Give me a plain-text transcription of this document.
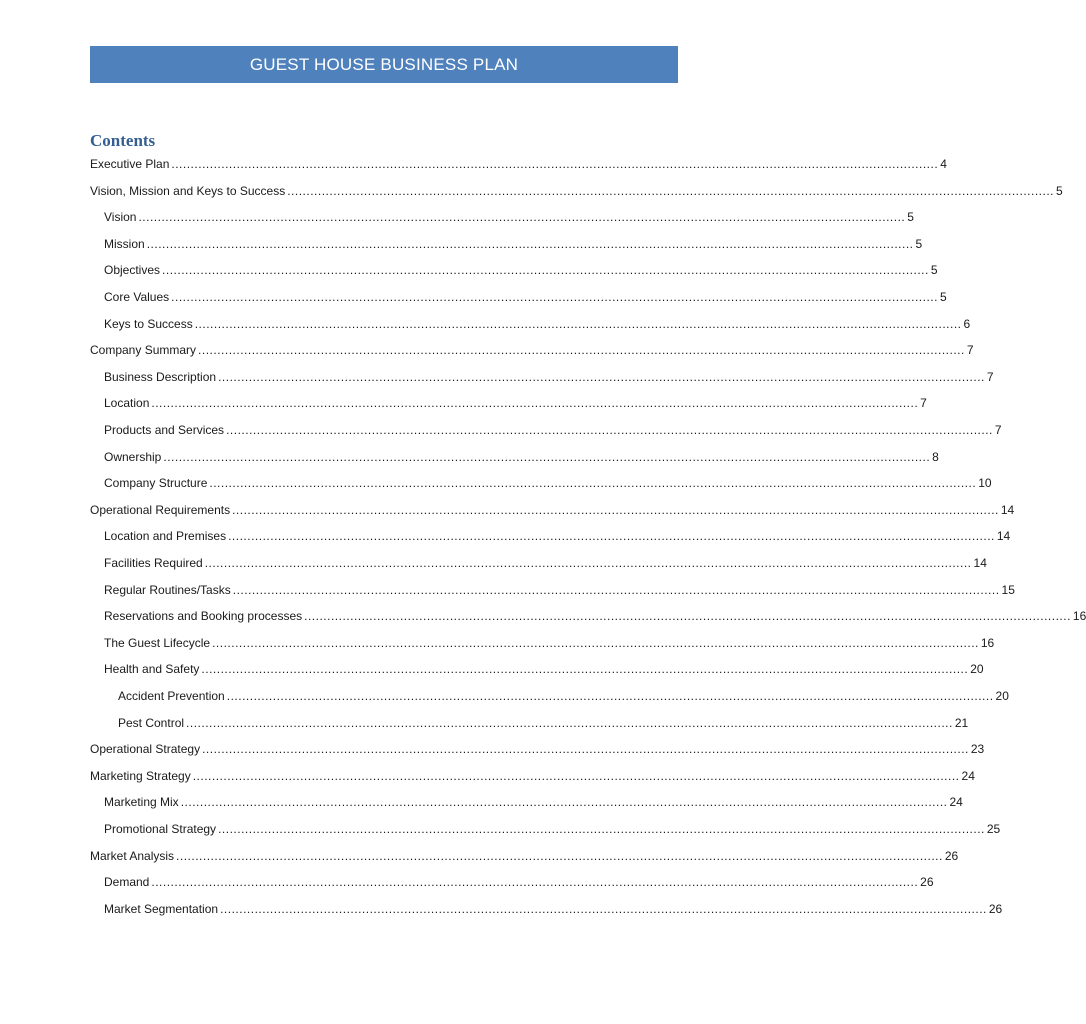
GUEST HOUSE BUSINESS PLAN
Contents
Executive Plan ........................................................................................................................................................................................................ 4
Vision, Mission and Keys to Success ........................................................................................................................................................................................................ 5
Vision ........................................................................................................................................................................................................ 5
Mission ........................................................................................................................................................................................................ 5
Objectives ........................................................................................................................................................................................................ 5
Core Values ........................................................................................................................................................................................................ 5
Keys to Success ........................................................................................................................................................................................................ 6
Company Summary ........................................................................................................................................................................................................ 7
Business Description ........................................................................................................................................................................................................ 7
Location ........................................................................................................................................................................................................ 7
Products and Services ........................................................................................................................................................................................................ 7
Ownership ........................................................................................................................................................................................................ 8
Company Structure ........................................................................................................................................................................................................ 10
Operational Requirements ........................................................................................................................................................................................................ 14
Location and Premises ........................................................................................................................................................................................................ 14
Facilities Required ........................................................................................................................................................................................................ 14
Regular Routines/Tasks ........................................................................................................................................................................................................ 15
Reservations and Booking processes ........................................................................................................................................................................................................ 16
The Guest Lifecycle ........................................................................................................................................................................................................ 16
Health and Safety ........................................................................................................................................................................................................ 20
Accident Prevention ........................................................................................................................................................................................................ 20
Pest Control ........................................................................................................................................................................................................ 21
Operational Strategy ........................................................................................................................................................................................................ 23
Marketing Strategy ........................................................................................................................................................................................................ 24
Marketing Mix ........................................................................................................................................................................................................ 24
Promotional Strategy ........................................................................................................................................................................................................ 25
Market Analysis ........................................................................................................................................................................................................ 26
Demand ........................................................................................................................................................................................................ 26
Market Segmentation ........................................................................................................................................................................................................ 26
